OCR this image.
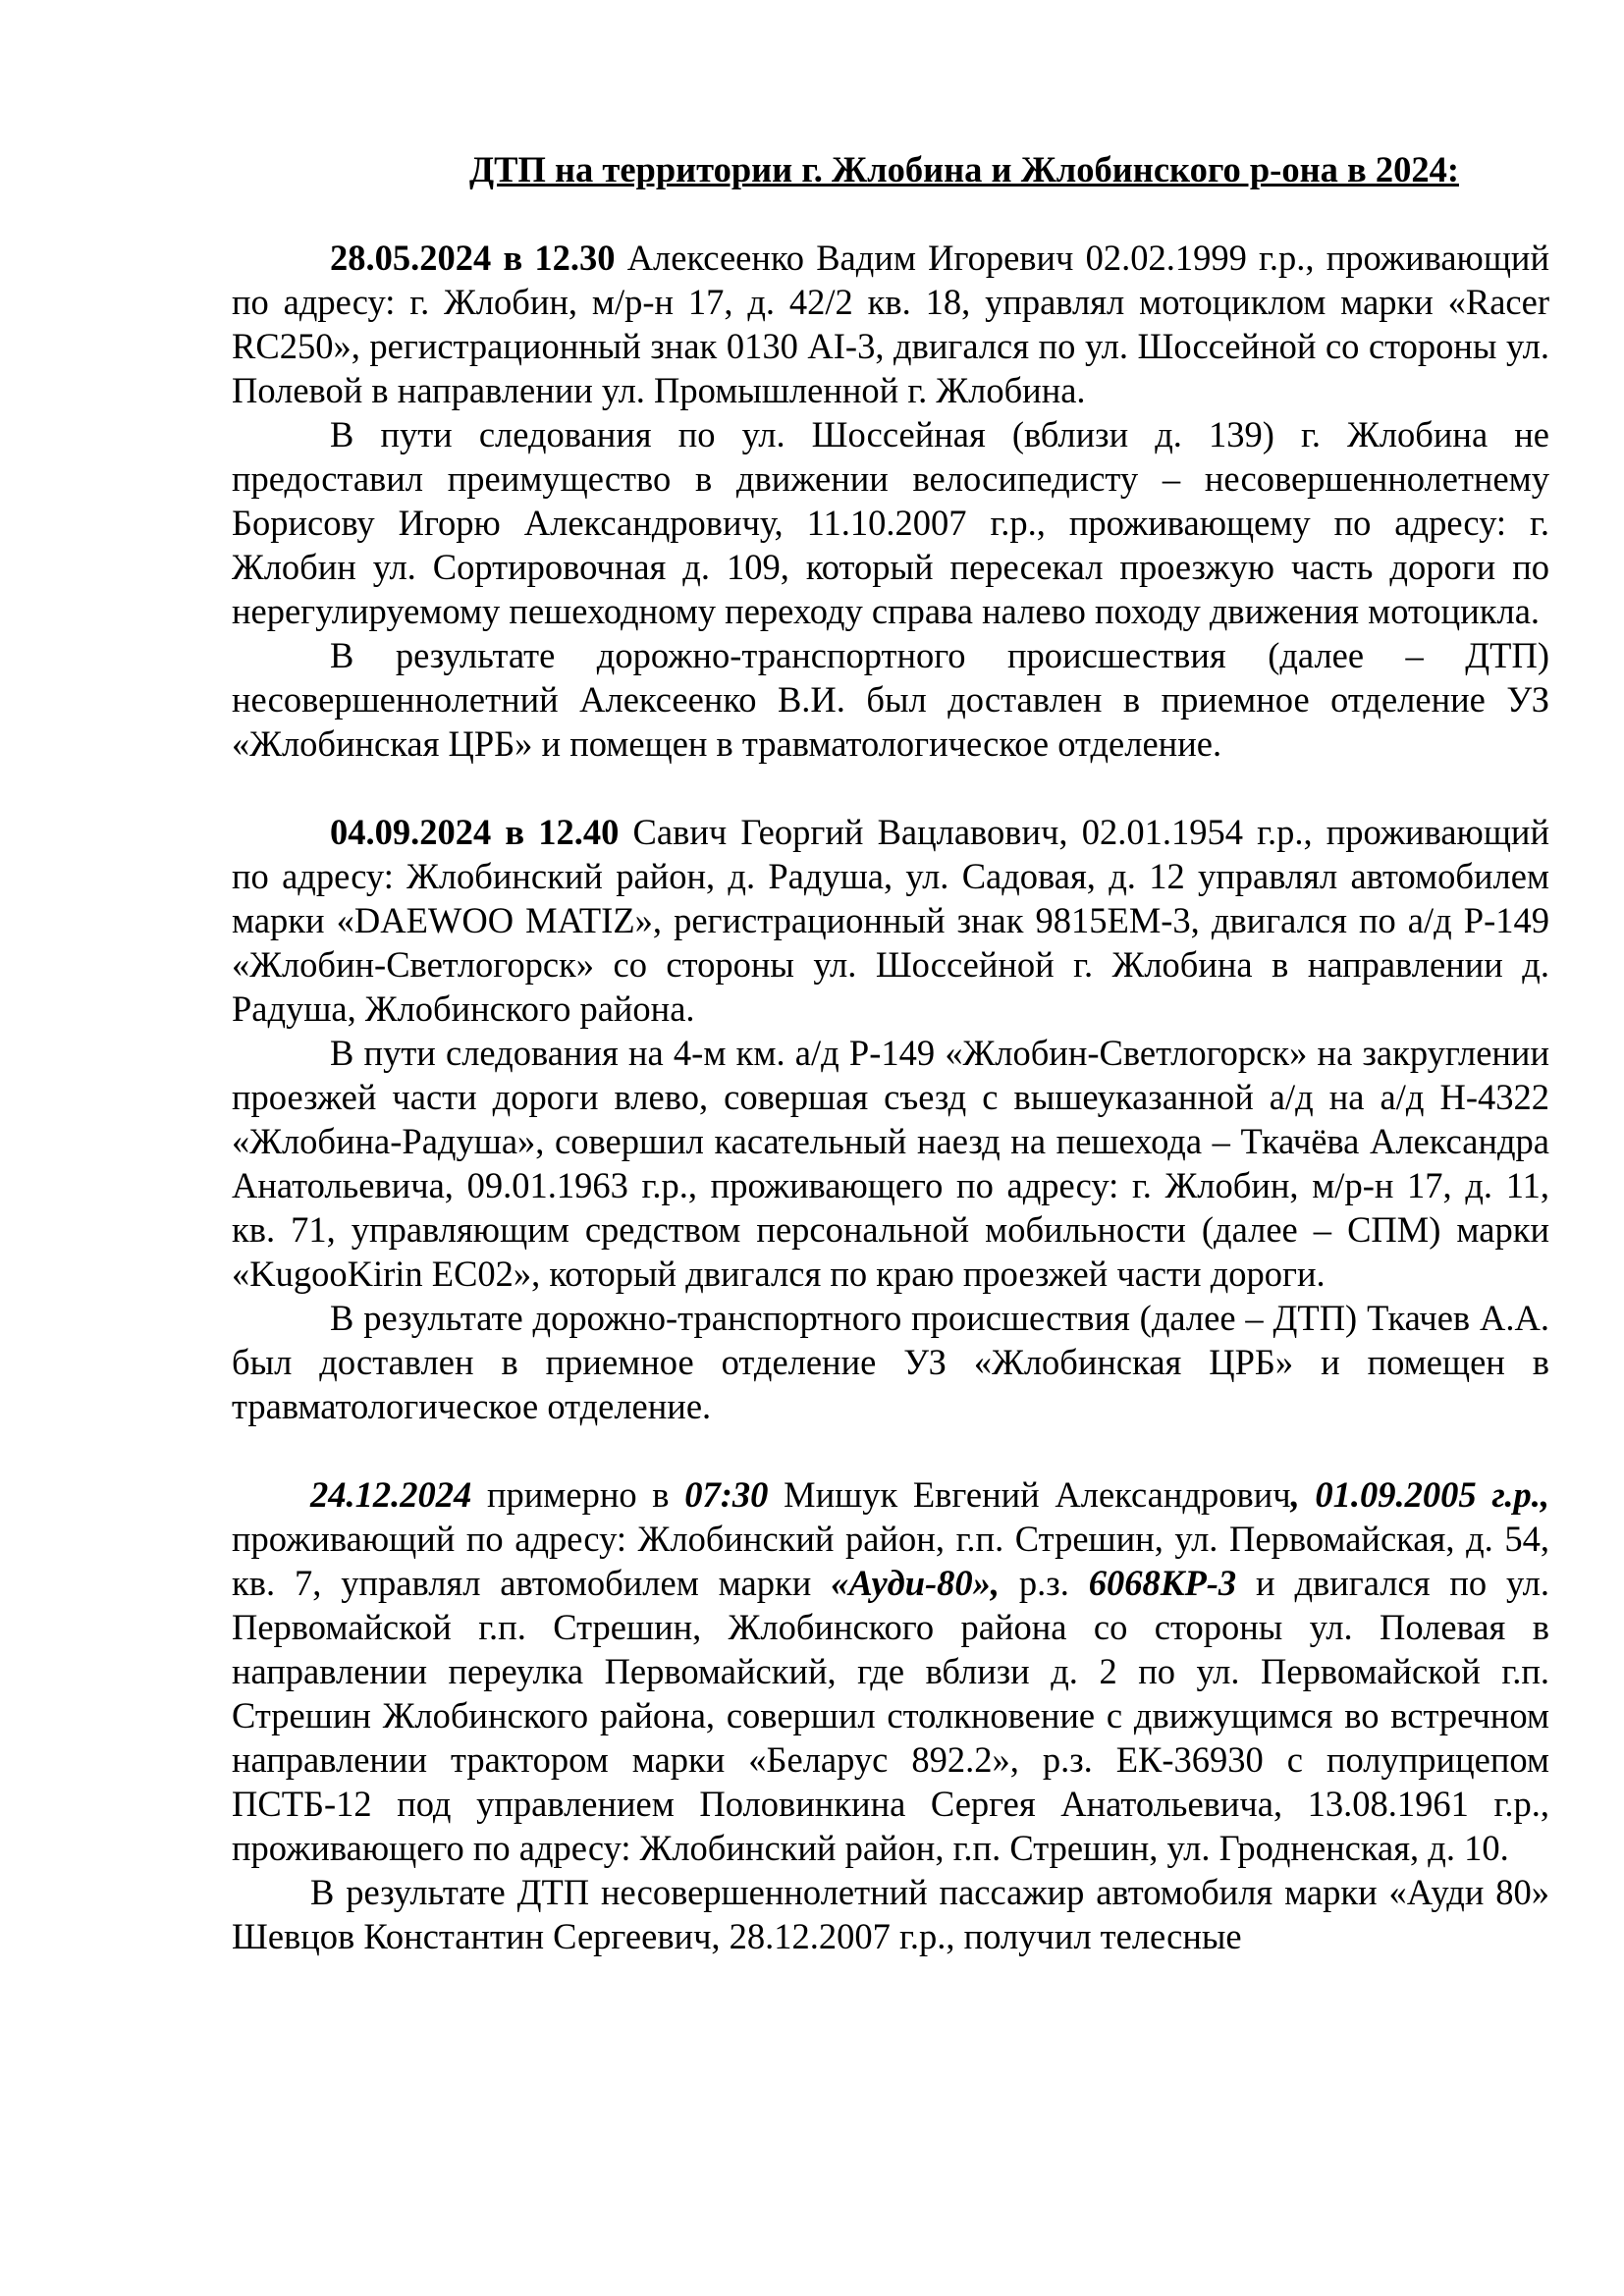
ДТП на территории г. Жлобина и Жлобинского р-она в 2024:

28.05.2024 в 12.30 Алексеенко Вадим Игоревич 02.02.1999 г.р., проживающий по адресу: г. Жлобин, м/р-н 17, д. 42/2 кв. 18, управлял мотоциклом марки «Racer RC250», регистрационный знак 0130 AI-3, двигался по ул. Шоссейной со стороны ул. Полевой в направлении ул. Промышленной г. Жлобина.

В пути следования по ул. Шоссейная (вблизи д. 139) г. Жлобина не предоставил преимущество в движении велосипедисту – несовершеннолетнему Борисову Игорю Александровичу, 11.10.2007 г.р., проживающему по адресу: г. Жлобин ул. Сортировочная д. 109, который пересекал проезжую часть дороги по нерегулируемому пешеходному переходу справа налево походу движения мотоцикла.

В результате дорожно-транспортного происшествия (далее – ДТП) несовершеннолетний Алексеенко В.И. был доставлен в приемное отделение УЗ «Жлобинская ЦРБ» и помещен в травматологическое отделение.

04.09.2024 в 12.40 Савич Георгий Вацлавович, 02.01.1954 г.р., проживающий по адресу: Жлобинский район, д. Радуша, ул. Садовая, д. 12 управлял автомобилем марки «DAEWOO MATIZ», регистрационный знак 9815ЕМ-3, двигался по а/д Р-149 «Жлобин-Светлогорск» со стороны ул. Шоссейной г. Жлобина в направлении д. Радуша, Жлобинского района.

В пути следования на 4-м км. а/д Р-149 «Жлобин-Светлогорск» на закруглении проезжей части дороги влево, совершая съезд с вышеуказанной а/д на а/д Н-4322 «Жлобина-Радуша», совершил касательный наезд на пешехода – Ткачёва Александра Анатольевича, 09.01.1963 г.р., проживающего по адресу: г. Жлобин, м/р-н 17, д. 11, кв. 71, управляющим средством персональной мобильности (далее – СПМ) марки «KugooKirin EC02», который двигался по краю проезжей части дороги.

В результате дорожно-транспортного происшествия (далее – ДТП) Ткачев А.А. был доставлен в приемное отделение УЗ «Жлобинская ЦРБ» и помещен в травматологическое отделение.

24.12.2024 примерно в 07:30 Мишук Евгений Александрович, 01.09.2005 г.р., проживающий по адресу: Жлобинский район, г.п. Стрешин, ул. Первомайская, д. 54, кв. 7, управлял автомобилем марки «Ауди-80», р.з. 6068КР-3 и двигался по ул. Первомайской г.п. Стрешин, Жлобинского района со стороны ул. Полевая в направлении переулка Первомайский, где вблизи д. 2 по ул. Первомайской г.п. Стрешин Жлобинского района, совершил столкновение с движущимся во встречном направлении трактором марки «Беларус 892.2», р.з. ЕК-36930 с полуприцепом ПСТБ-12 под управлением Половинкина Сергея Анатольевича, 13.08.1961 г.р., проживающего по адресу: Жлобинский район, г.п. Стрешин, ул. Гродненская, д. 10.

В результате ДТП несовершеннолетний пассажир автомобиля марки «Ауди 80» Шевцов Константин Сергеевич, 28.12.2007 г.р., получил телесные
